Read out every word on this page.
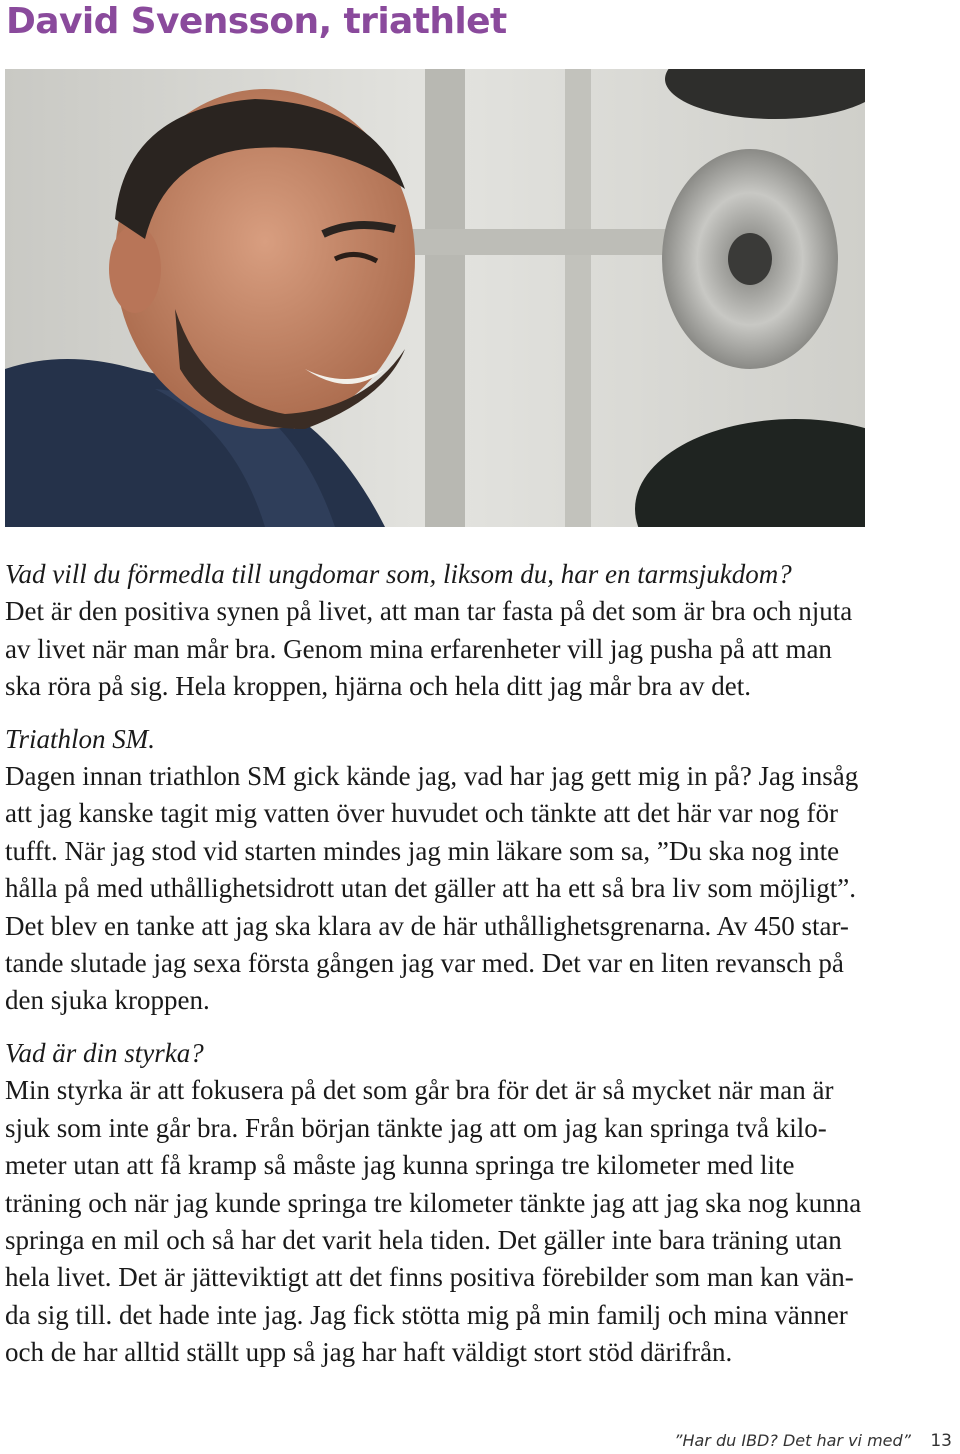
David Svensson, triathlet

Vad vill du förmedla till ungdomar som, liksom du, har en tarmsjukdom?

Det är den positiva synen på livet, att man tar fasta på det som är bra och njuta

av livet när man mår bra. Genom mina erfarenheter vill jag pusha på att man

ska röra på sig. Hela kroppen, hjärna och hela ditt jag mår bra av det.

Triathlon SM.

Dagen innan triathlon SM gick kände jag, vad har jag gett mig in på? Jag insåg

att jag kanske tagit mig vatten över huvudet och tänkte att det här var nog för

tufft. När jag stod vid starten mindes jag min läkare som sa, ”Du ska nog inte

hålla på med uthållighetsidrott utan det gäller att ha ett så bra liv som möjligt”.

Det blev en tanke att jag ska klara av de här uthållighetsgrenarna. Av 450 star-

tande slutade jag sexa första gången jag var med. Det var en liten revansch på

den sjuka kroppen.

Vad är din styrka?

Min styrka är att fokusera på det som går bra för det är så mycket när man är

sjuk som inte går bra. Från början tänkte jag att om jag kan springa två kilo-

meter utan att få kramp så måste jag kunna springa tre kilometer med lite

träning och när jag kunde springa tre kilometer tänkte jag att jag ska nog kunna

springa en mil och så har det varit hela tiden. Det gäller inte bara träning utan

hela livet. Det är jätteviktigt att det finns positiva förebilder som man kan vän-

da sig till. det hade inte jag. Jag fick stötta mig på min familj och mina vänner

och de har alltid ställt upp så jag har haft väldigt stort stöd därifrån.

”Har du IBD? Det har vi med” 13
